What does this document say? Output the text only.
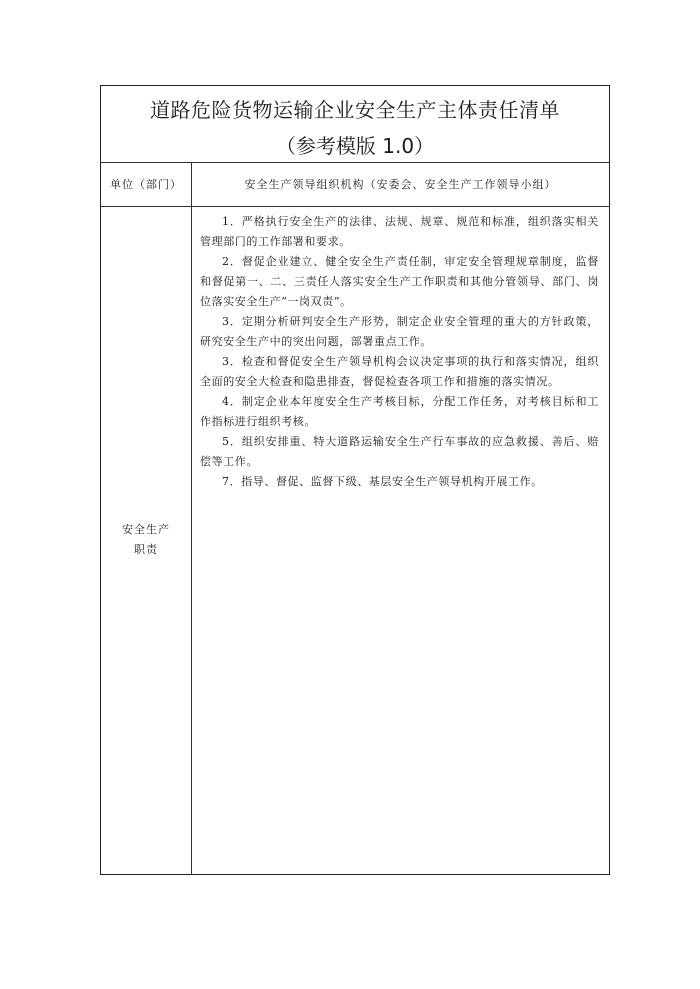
道路危险货物运输企业安全生产主体责任清单
（参考模版 1.0）
单位（部门）	安全生产领导组织机构（安委会、安全生产工作领导小组）
安全生产职责

1．严格执行安全生产的法律、法规、规章、规范和标准，组织落实相关管理部门的工作部署和要求。

2．督促企业建立、健全安全生产责任制，审定安全管理规章制度，监督和督促第一、二、三责任人落实安全生产工作职责和其他分管领导、部门、岗位落实安全生产“一岗双责”。

3．定期分析研判安全生产形势，制定企业安全管理的重大的方针政策，研究安全生产中的突出问题，部署重点工作。

3．检查和督促安全生产领导机构会议决定事项的执行和落实情况，组织全面的安全大检查和隐患排查，督促检查各项工作和措施的落实情况。

4．制定企业本年度安全生产考核目标，分配工作任务，对考核目标和工作指标进行组织考核。

5．组织安排重、特大道路运输安全生产行车事故的应急救援、善后、赔偿等工作。

7．指导、督促、监督下级、基层安全生产领导机构开展工作。
